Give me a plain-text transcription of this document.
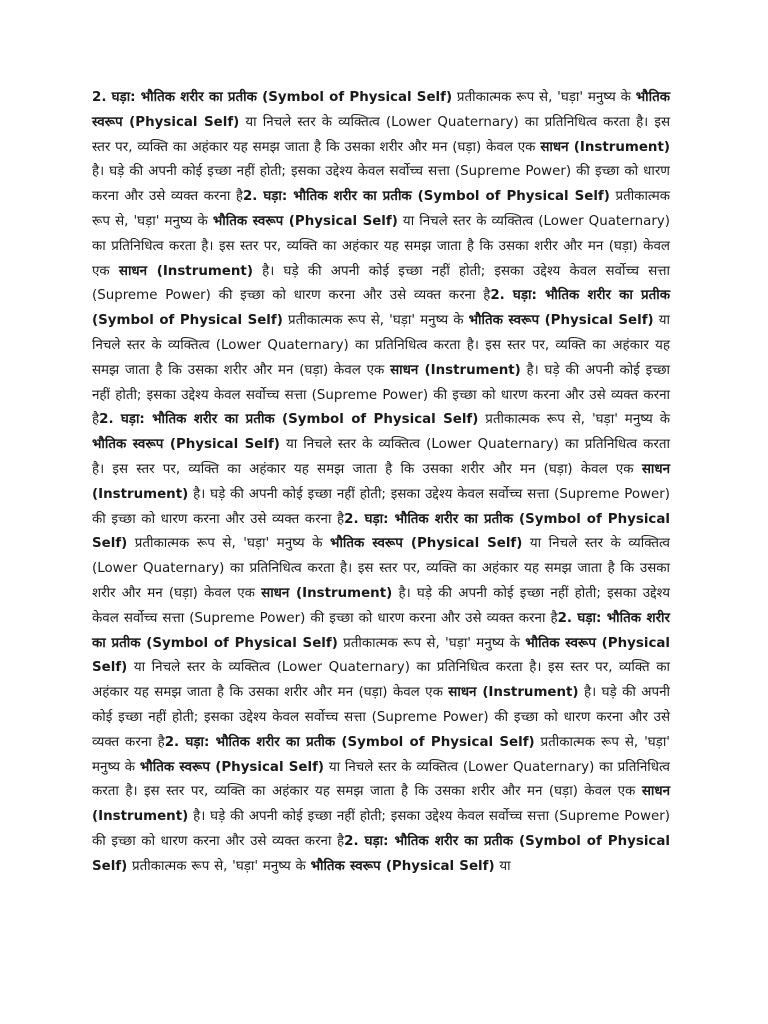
2. घड़ा: भौतिक शरीर का प्रतीक (Symbol of Physical Self) प्रतीकात्मक रूप से, 'घड़ा' मनुष्य के भौतिक स्वरूप (Physical Self) या निचले स्तर के व्यक्तित्व (Lower Quaternary) का प्रतिनिधित्व करता है। इस स्तर पर, व्यक्ति का अहंकार यह समझ जाता है कि उसका शरीर और मन (घड़ा) केवल एक साधन (Instrument) है। घड़े की अपनी कोई इच्छा नहीं होती; इसका उद्देश्य केवल सर्वोच्च सत्ता (Supreme Power) की इच्छा को धारण करना और उसे व्यक्त करना है2. घड़ा: भौतिक शरीर का प्रतीक (Symbol of Physical Self) प्रतीकात्मक रूप से, 'घड़ा' मनुष्य के भौतिक स्वरूप (Physical Self) या निचले स्तर के व्यक्तित्व (Lower Quaternary) का प्रतिनिधित्व करता है। इस स्तर पर, व्यक्ति का अहंकार यह समझ जाता है कि उसका शरीर और मन (घड़ा) केवल एक साधन (Instrument) है। घड़े की अपनी कोई इच्छा नहीं होती; इसका उद्देश्य केवल सर्वोच्च सत्ता (Supreme Power) की इच्छा को धारण करना और उसे व्यक्त करना है2. घड़ा: भौतिक शरीर का प्रतीक (Symbol of Physical Self) प्रतीकात्मक रूप से, 'घड़ा' मनुष्य के भौतिक स्वरूप (Physical Self) या निचले स्तर के व्यक्तित्व (Lower Quaternary) का प्रतिनिधित्व करता है। इस स्तर पर, व्यक्ति का अहंकार यह समझ जाता है कि उसका शरीर और मन (घड़ा) केवल एक साधन (Instrument) है। घड़े की अपनी कोई इच्छा नहीं होती; इसका उद्देश्य केवल सर्वोच्च सत्ता (Supreme Power) की इच्छा को धारण करना और उसे व्यक्त करना है2. घड़ा: भौतिक शरीर का प्रतीक (Symbol of Physical Self) प्रतीकात्मक रूप से, 'घड़ा' मनुष्य के भौतिक स्वरूप (Physical Self) या निचले स्तर के व्यक्तित्व (Lower Quaternary) का प्रतिनिधित्व करता है। इस स्तर पर, व्यक्ति का अहंकार यह समझ जाता है कि उसका शरीर और मन (घड़ा) केवल एक साधन (Instrument) है। घड़े की अपनी कोई इच्छा नहीं होती; इसका उद्देश्य केवल सर्वोच्च सत्ता (Supreme Power) की इच्छा को धारण करना और उसे व्यक्त करना है2. घड़ा: भौतिक शरीर का प्रतीक (Symbol of Physical Self) प्रतीकात्मक रूप से, 'घड़ा' मनुष्य के भौतिक स्वरूप (Physical Self) या निचले स्तर के व्यक्तित्व (Lower Quaternary) का प्रतिनिधित्व करता है। इस स्तर पर, व्यक्ति का अहंकार यह समझ जाता है कि उसका शरीर और मन (घड़ा) केवल एक साधन (Instrument) है। घड़े की अपनी कोई इच्छा नहीं होती; इसका उद्देश्य केवल सर्वोच्च सत्ता (Supreme Power) की इच्छा को धारण करना और उसे व्यक्त करना है2. घड़ा: भौतिक शरीर का प्रतीक (Symbol of Physical Self) प्रतीकात्मक रूप से, 'घड़ा' मनुष्य के भौतिक स्वरूप (Physical Self) या निचले स्तर के व्यक्तित्व (Lower Quaternary) का प्रतिनिधित्व करता है। इस स्तर पर, व्यक्ति का अहंकार यह समझ जाता है कि उसका शरीर और मन (घड़ा) केवल एक साधन (Instrument) है। घड़े की अपनी कोई इच्छा नहीं होती; इसका उद्देश्य केवल सर्वोच्च सत्ता (Supreme Power) की इच्छा को धारण करना और उसे व्यक्त करना है2. घड़ा: भौतिक शरीर का प्रतीक (Symbol of Physical Self) प्रतीकात्मक रूप से, 'घड़ा' मनुष्य के भौतिक स्वरूप (Physical Self) या निचले स्तर के व्यक्तित्व (Lower Quaternary) का प्रतिनिधित्व करता है। इस स्तर पर, व्यक्ति का अहंकार यह समझ जाता है कि उसका शरीर और मन (घड़ा) केवल एक साधन (Instrument) है। घड़े की अपनी कोई इच्छा नहीं होती; इसका उद्देश्य केवल सर्वोच्च सत्ता (Supreme Power) की इच्छा को धारण करना और उसे व्यक्त करना है2. घड़ा: भौतिक शरीर का प्रतीक (Symbol of Physical Self) प्रतीकात्मक रूप से, 'घड़ा' मनुष्य के भौतिक स्वरूप (Physical Self) या
